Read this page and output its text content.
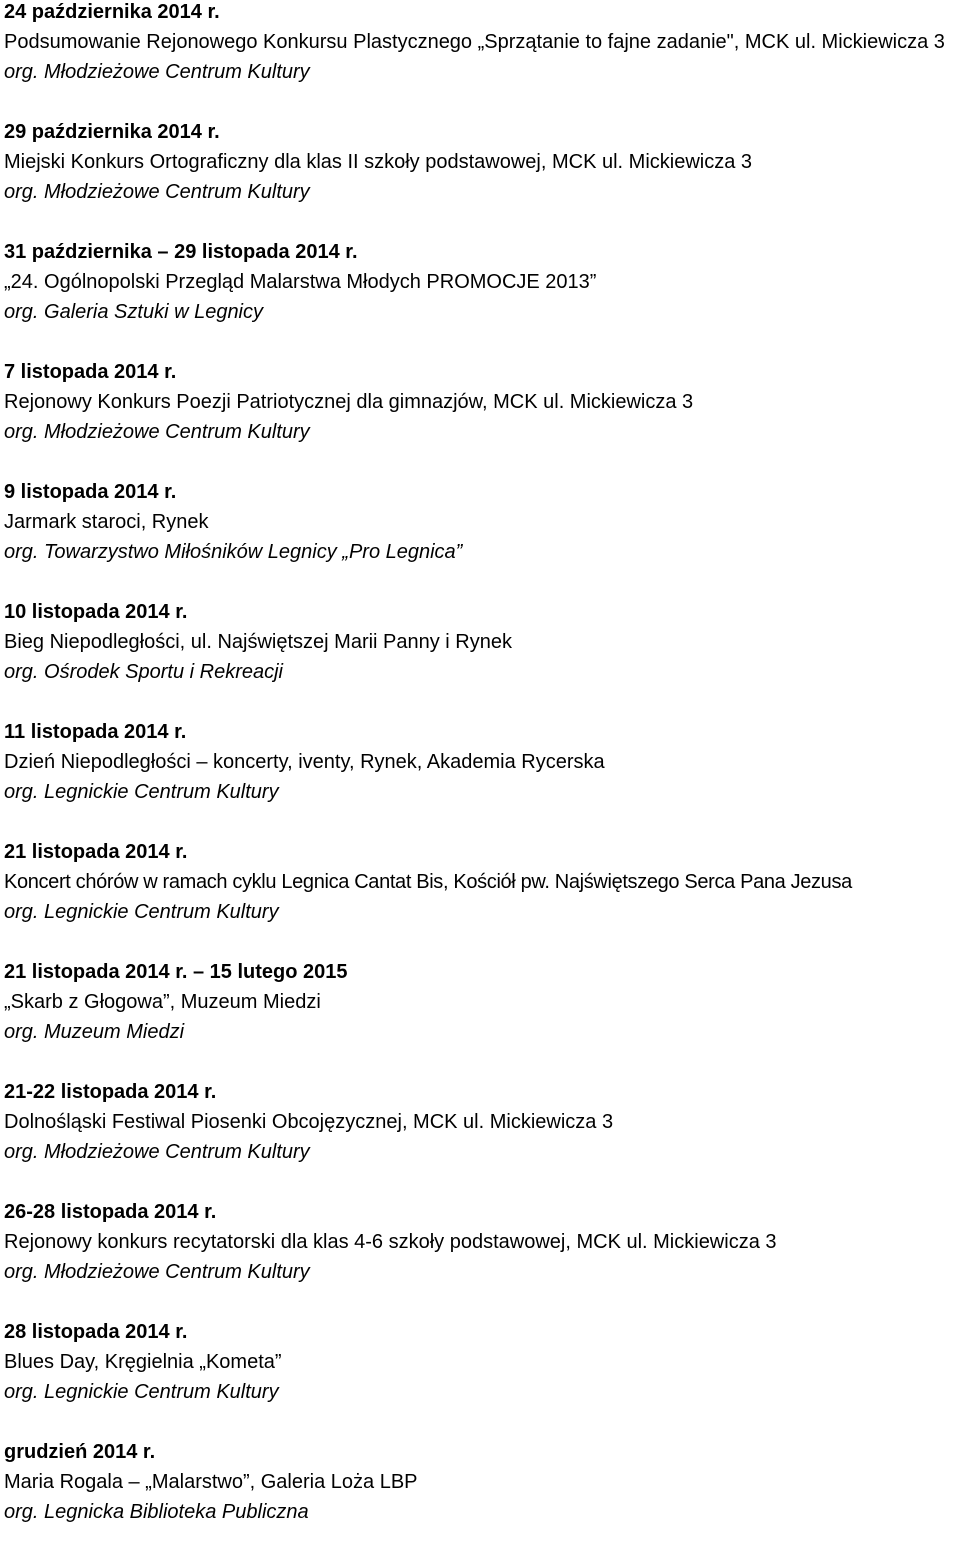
24 października 2014 r.
Podsumowanie Rejonowego Konkursu Plastycznego „Sprzątanie to fajne zadanie", MCK ul. Mickiewicza 3
org. Młodzieżowe Centrum Kultury
29 października 2014 r.
Miejski Konkurs Ortograficzny dla klas II szkoły podstawowej, MCK ul. Mickiewicza 3
org. Młodzieżowe Centrum Kultury
31 października – 29 listopada 2014 r.
„24. Ogólnopolski Przegląd Malarstwa Młodych PROMOCJE 2013”
org. Galeria Sztuki w Legnicy
7 listopada 2014 r.
Rejonowy Konkurs Poezji Patriotycznej dla gimnazjów, MCK ul. Mickiewicza 3
org. Młodzieżowe Centrum Kultury
9 listopada 2014 r.
Jarmark staroci, Rynek
org. Towarzystwo Miłośników Legnicy „Pro Legnica”
10 listopada 2014 r.
Bieg Niepodległości, ul. Najświętszej Marii Panny i Rynek
org. Ośrodek Sportu i Rekreacji
11 listopada 2014 r.
Dzień Niepodległości – koncerty, iventy, Rynek, Akademia Rycerska
org. Legnickie Centrum Kultury
21 listopada 2014 r.
Koncert chórów w ramach cyklu Legnica Cantat Bis, Kościół pw. Najświętszego Serca Pana Jezusa
org. Legnickie Centrum Kultury
21 listopada 2014 r. – 15 lutego 2015
„Skarb z Głogowa”, Muzeum Miedzi
org. Muzeum Miedzi
21-22 listopada 2014 r.
Dolnośląski Festiwal Piosenki Obcojęzycznej, MCK ul. Mickiewicza 3
org. Młodzieżowe Centrum Kultury
26-28 listopada 2014 r.
Rejonowy konkurs recytatorski dla klas 4-6 szkoły podstawowej, MCK ul. Mickiewicza 3
org. Młodzieżowe Centrum Kultury
28 listopada 2014 r.
Blues Day, Kręgielnia „Kometa”
org. Legnickie Centrum Kultury
grudzień 2014 r.
Maria Rogala – „Malarstwo”, Galeria Loża LBP
org. Legnicka Biblioteka Publiczna
